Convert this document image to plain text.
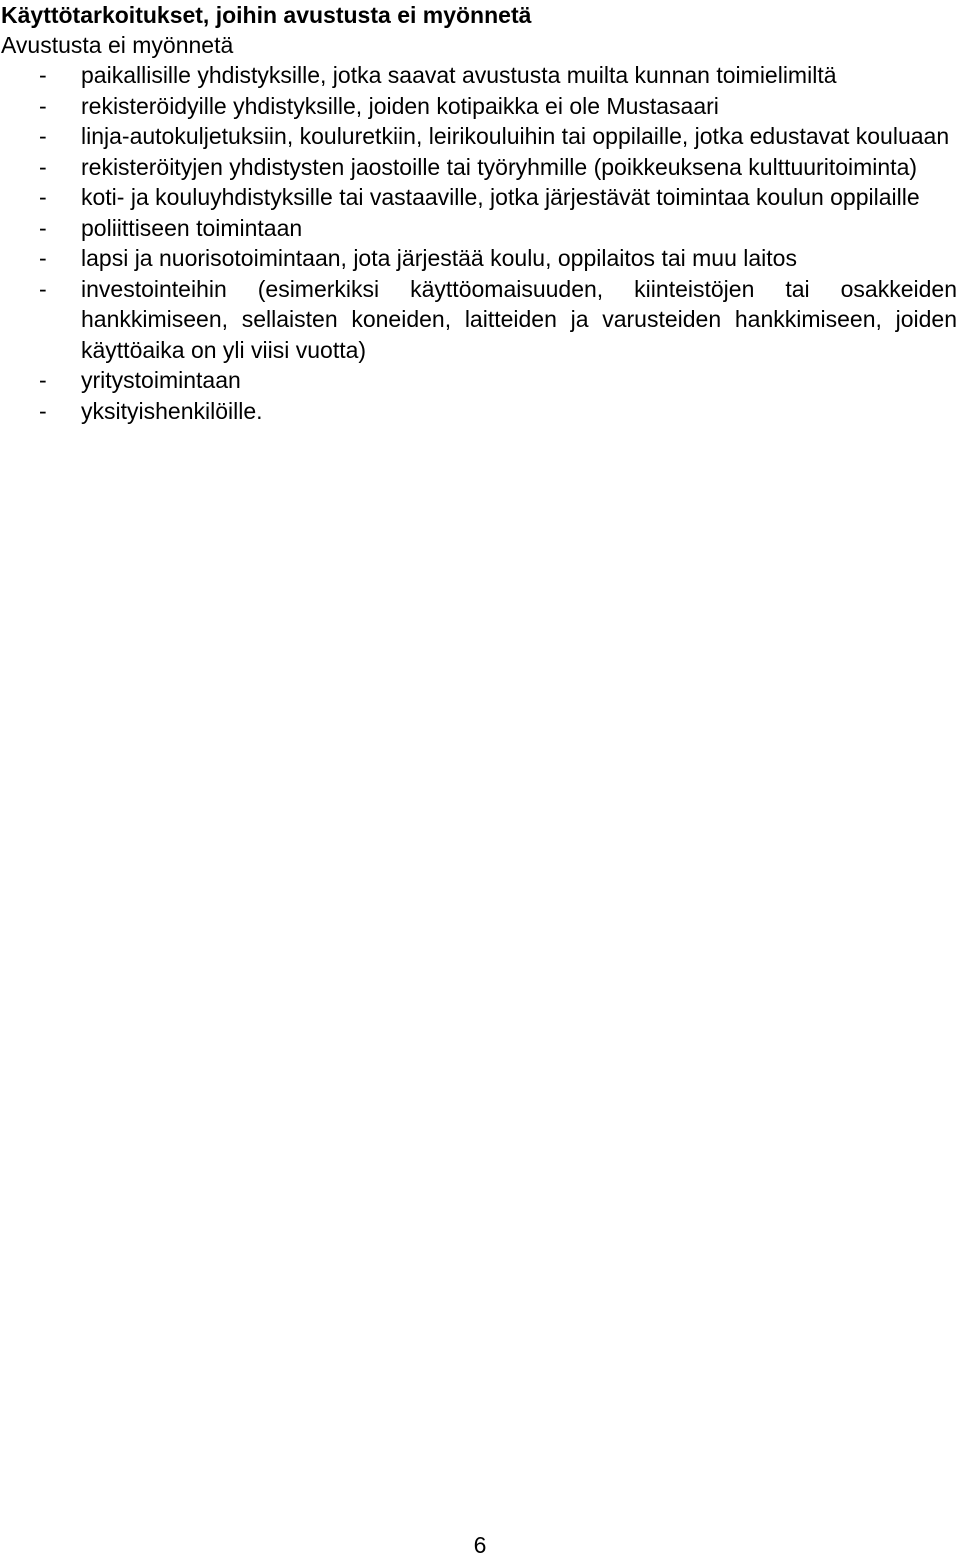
Käyttötarkoitukset, joihin avustusta ei myönnetä
Avustusta ei myönnetä
- paikallisille yhdistyksille, jotka saavat avustusta muilta kunnan toimielimiltä
- rekisteröidyille yhdistyksille, joiden kotipaikka ei ole Mustasaari
- linja-autokuljetuksiin, kouluretkiin, leirikouluihin tai oppilaille, jotka edustavat kouluaan
- rekisteröityjen yhdistysten jaostoille tai työryhmille (poikkeuksena kulttuuritoiminta)
- koti- ja kouluyhdistyksille tai vastaaville, jotka järjestävät toimintaa koulun oppilaille
- poliittiseen toimintaan
- lapsi ja nuorisotoimintaan, jota järjestää koulu, oppilaitos tai muu laitos
- investointeihin (esimerkiksi käyttöomaisuuden, kiinteistöjen tai osakkeiden hankkimiseen, sellaisten koneiden, laitteiden ja varusteiden hankkimiseen, joiden käyttöaika on yli viisi vuotta)
- yritystoimintaan
- yksityishenkilöille.
6
